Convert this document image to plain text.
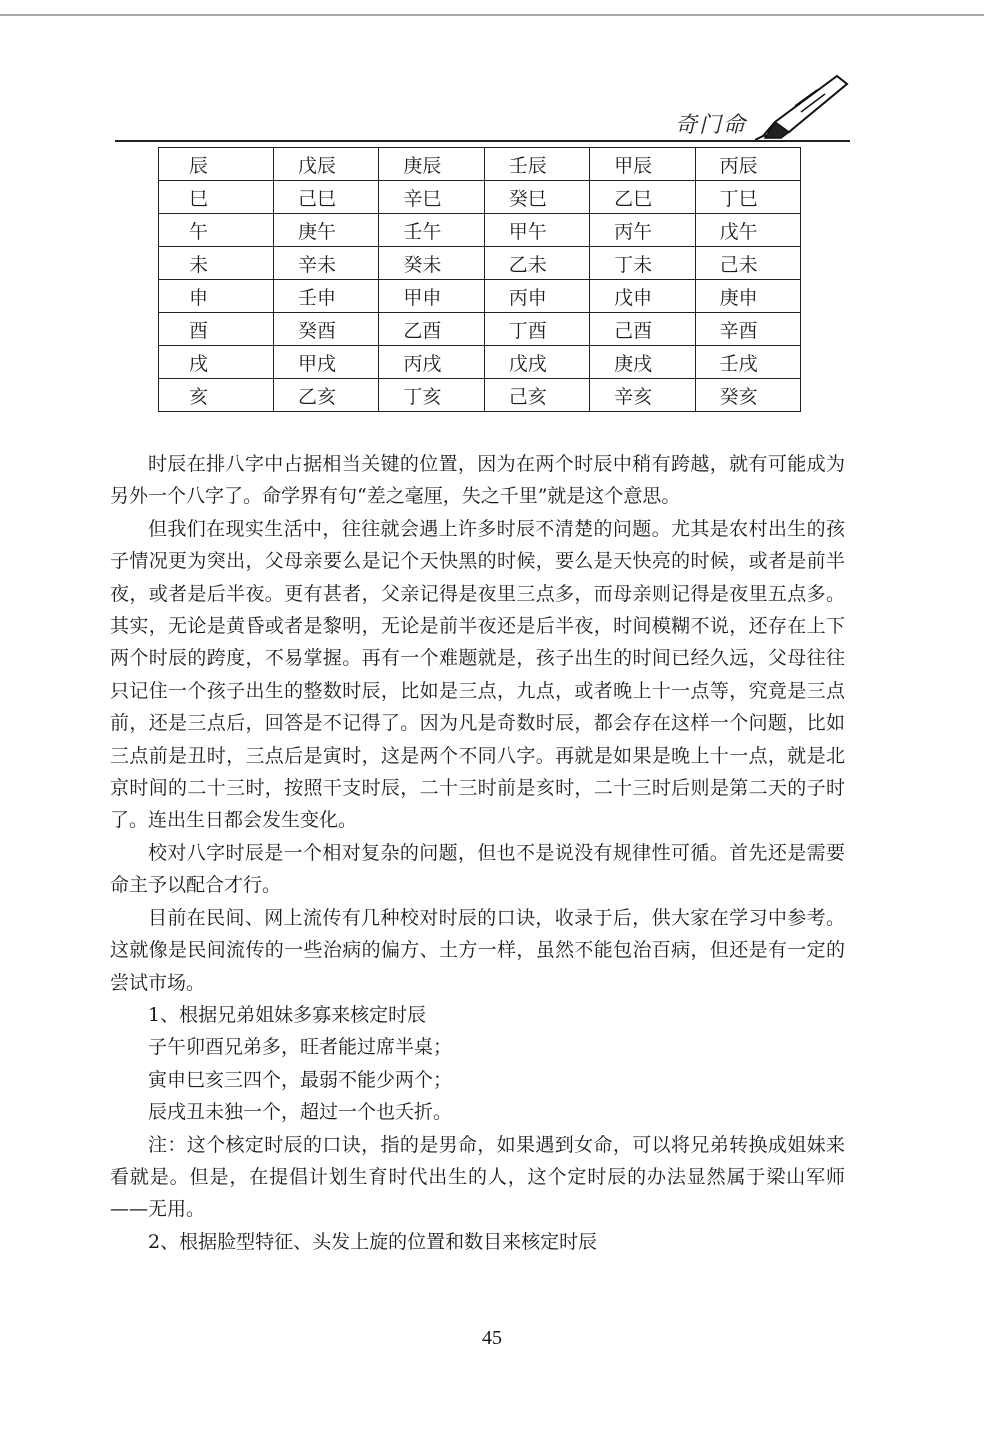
奇门命
辰	戊辰	庚辰	壬辰	甲辰	丙辰
巳	己巳	辛巳	癸巳	乙巳	丁巳
午	庚午	壬午	甲午	丙午	戊午
未	辛未	癸未	乙未	丁未	己未
申	壬申	甲申	丙申	戊申	庚申
酉	癸酉	乙酉	丁酉	己酉	辛酉
戌	甲戌	丙戌	戊戌	庚戌	壬戌
亥	乙亥	丁亥	己亥	辛亥	癸亥

时辰在排八字中占据相当关键的位置，因为在两个时辰中稍有跨越，就有可能成为另外一个八字了。命学界有句“差之毫厘，失之千里”就是这个意思。

但我们在现实生活中，往往就会遇上许多时辰不清楚的问题。尤其是农村出生的孩子情况更为突出，父母亲要么是记个天快黑的时候，要么是天快亮的时候，或者是前半夜，或者是后半夜。更有甚者，父亲记得是夜里三点多，而母亲则记得是夜里五点多。其实，无论是黄昏或者是黎明，无论是前半夜还是后半夜，时间模糊不说，还存在上下两个时辰的跨度，不易掌握。再有一个难题就是，孩子出生的时间已经久远，父母往往只记住一个孩子出生的整数时辰，比如是三点，九点，或者晚上十一点等，究竟是三点前，还是三点后，回答是不记得了。因为凡是奇数时辰，都会存在这样一个问题，比如三点前是丑时，三点后是寅时，这是两个不同八字。再就是如果是晚上十一点，就是北京时间的二十三时，按照干支时辰，二十三时前是亥时，二十三时后则是第二天的子时了。连出生日都会发生变化。

校对八字时辰是一个相对复杂的问题，但也不是说没有规律性可循。首先还是需要命主予以配合才行。

目前在民间、网上流传有几种校对时辰的口诀，收录于后，供大家在学习中参考。这就像是民间流传的一些治病的偏方、土方一样，虽然不能包治百病，但还是有一定的尝试市场。

1、根据兄弟姐妹多寡来核定时辰

子午卯酉兄弟多，旺者能过席半桌；

寅申巳亥三四个，最弱不能少两个；

辰戌丑未独一个，超过一个也夭折。

注：这个核定时辰的口诀，指的是男命，如果遇到女命，可以将兄弟转换成姐妹来看就是。但是，在提倡计划生育时代出生的人，这个定时辰的办法显然属于梁山军师——无用。

2、根据脸型特征、头发上旋的位置和数目来核定时辰

45
